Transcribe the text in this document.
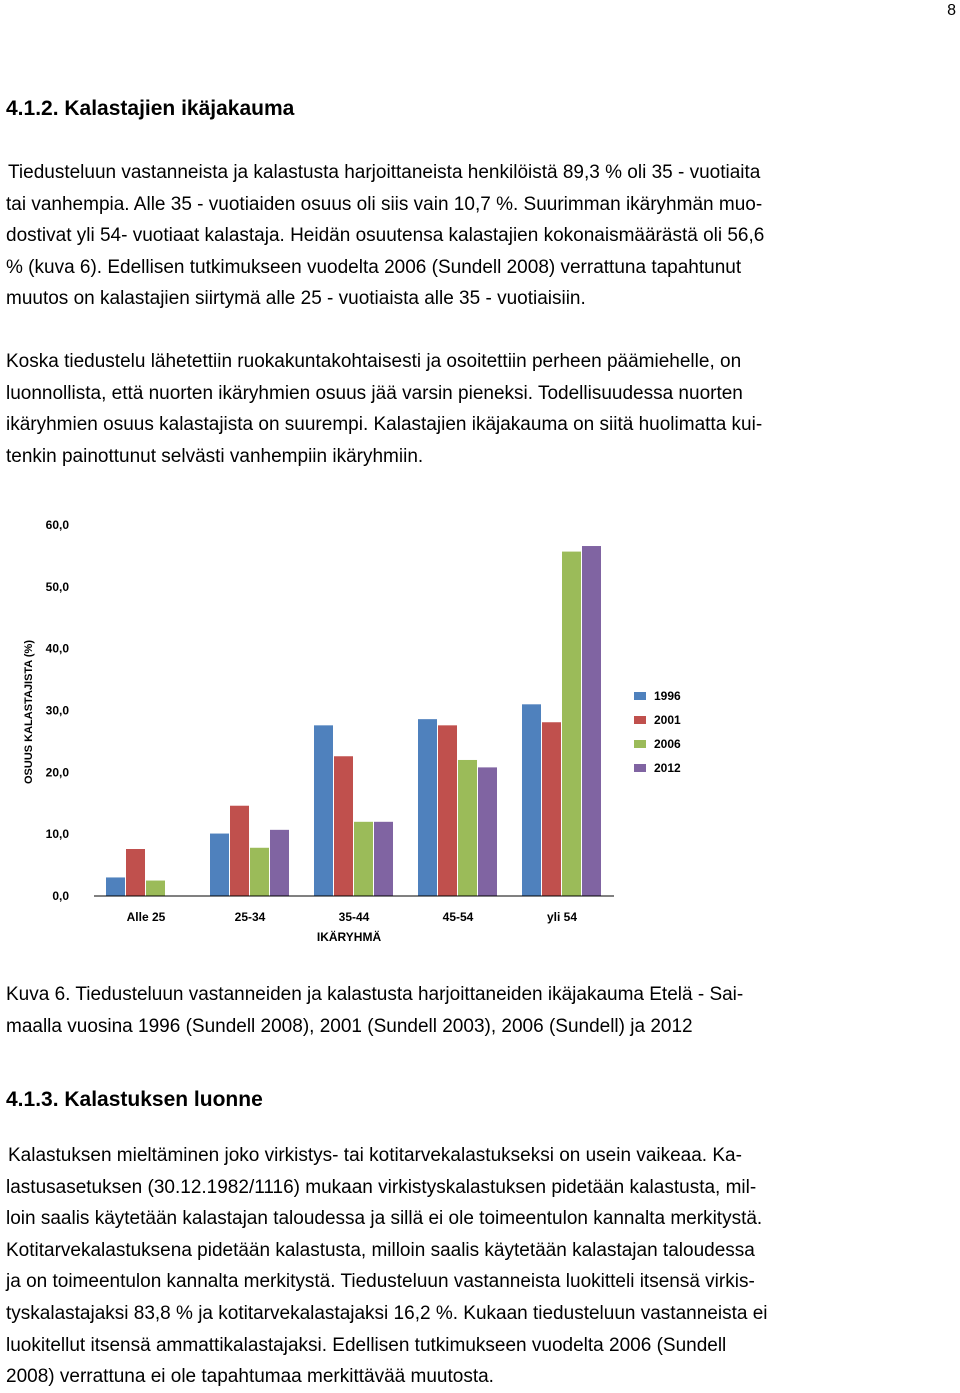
8
4.1.2. Kalastajien ikäjakauma

Tiedusteluun vastanneista ja kalastusta harjoittaneista henkilöistä 89,3 % oli 35 - vuotiaita
tai vanhempia. Alle 35 - vuotiaiden osuus oli siis vain 10,7 %. Suurimman ikäryhmän muo-
dostivat yli 54- vuotiaat kalastaja. Heidän osuutensa kalastajien kokonaismäärästä oli 56,6
% (kuva 6). Edellisen tutkimukseen vuodelta 2006 (Sundell 2008) verrattuna tapahtunut
muutos on kalastajien siirtymä alle 25 - vuotiaista alle 35 - vuotiaisiin.

Koska tiedustelu lähetettiin ruokakuntakohtaisesti ja osoitettiin perheen päämiehelle, on
luonnollista, että nuorten ikäryhmien osuus jää varsin pieneksi. Todellisuudessa nuorten
ikäryhmien osuus kalastajista on suurempi. Kalastajien ikäjakauma on siitä huolimatta kui-
tenkin painottunut selvästi vanhempiin ikäryhmiin.

0,0
10,0
20,0
30,0
40,0
50,0
60,0
Alle 25	25-34	35-44	45-54	yli 54
OSUUS KALASTAJISTA (%)
IKÄRYHMÄ
1996
2001
2006
2012

Kuva 6. Tiedusteluun vastanneiden ja kalastusta harjoittaneiden ikäjakauma Etelä - Sai-
maalla vuosina 1996 (Sundell 2008), 2001 (Sundell 2003), 2006 (Sundell) ja 2012

4.1.3. Kalastuksen luonne

Kalastuksen mieltäminen joko virkistys- tai kotitarvekalastukseksi on usein vaikeaa. Ka-
lastusasetuksen (30.12.1982/1116) mukaan virkistyskalastuksen pidetään kalastusta, mil-
loin saalis käytetään kalastajan taloudessa ja sillä ei ole toimeentulon kannalta merkitystä.
Kotitarvekalastuksena pidetään kalastusta, milloin saalis käytetään kalastajan taloudessa
ja on toimeentulon kannalta merkitystä. Tiedusteluun vastanneista luokitteli itsensä virkis-
tyskalastajaksi 83,8 % ja kotitarvekalastajaksi 16,2 %. Kukaan tiedusteluun vastanneista ei
luokitellut itsensä ammattikalastajaksi. Edellisen tutkimukseen vuodelta 2006 (Sundell
2008) verrattuna ei ole tapahtumaa merkittävää muutosta.
